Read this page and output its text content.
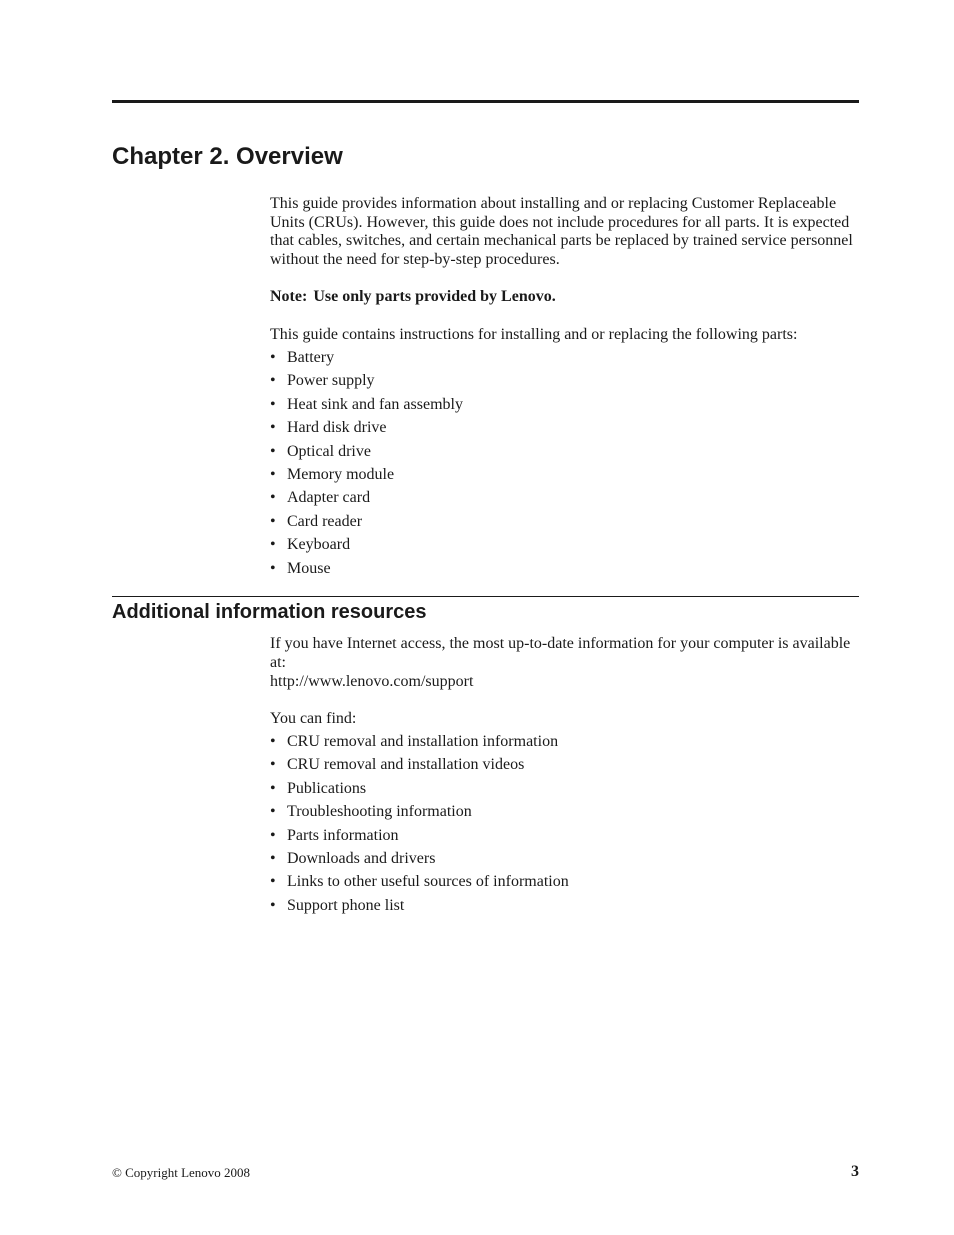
Chapter 2. Overview

This guide provides information about installing and or replacing Customer Replaceable Units (CRUs). However, this guide does not include procedures for all parts. It is expected that cables, switches, and certain mechanical parts be replaced by trained service personnel without the need for step-by-step procedures.

Note: Use only parts provided by Lenovo.

This guide contains instructions for installing and or replacing the following parts:

• Battery
• Power supply
• Heat sink and fan assembly
• Hard disk drive
• Optical drive
• Memory module
• Adapter card
• Card reader
• Keyboard
• Mouse
Additional information resources

If you have Internet access, the most up-to-date information for your computer is available at:

http://www.lenovo.com/support

You can find:

• CRU removal and installation information
• CRU removal and installation videos
• Publications
• Troubleshooting information
• Parts information
• Downloads and drivers
• Links to other useful sources of information
• Support phone list
© Copyright Lenovo 2008	3
